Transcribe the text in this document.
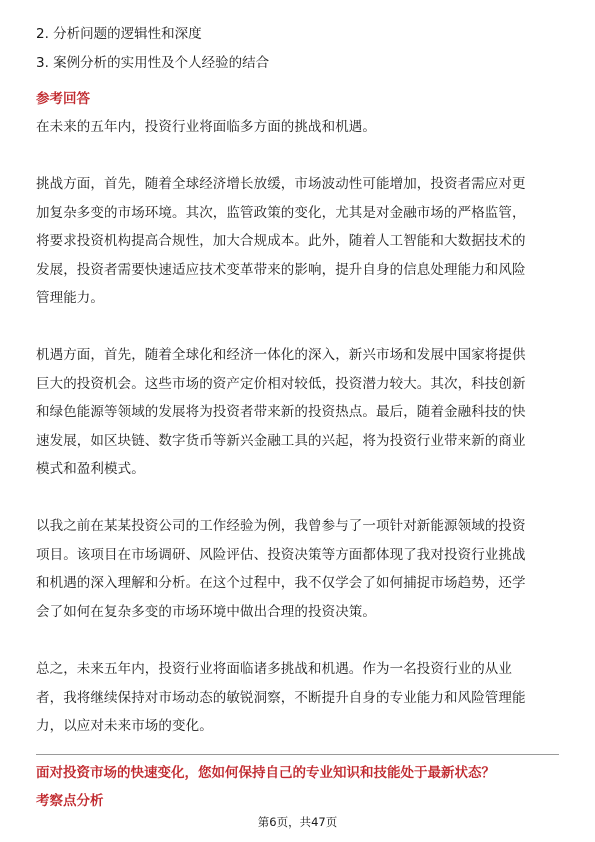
2. 分析问题的逻辑性和深度
3. 案例分析的实用性及个人经验的结合
参考回答
在未来的五年内，投资行业将面临多方面的挑战和机遇。
挑战方面，首先，随着全球经济增长放缓，市场波动性可能增加，投资者需应对更
加复杂多变的市场环境。其次，监管政策的变化，尤其是对金融市场的严格监管，
将要求投资机构提高合规性，加大合规成本。此外，随着人工智能和大数据技术的
发展，投资者需要快速适应技术变革带来的影响，提升自身的信息处理能力和风险
管理能力。
机遇方面，首先，随着全球化和经济一体化的深入，新兴市场和发展中国家将提供
巨大的投资机会。这些市场的资产定价相对较低，投资潜力较大。其次，科技创新
和绿色能源等领域的发展将为投资者带来新的投资热点。最后，随着金融科技的快
速发展，如区块链、数字货币等新兴金融工具的兴起，将为投资行业带来新的商业
模式和盈利模式。
以我之前在某某投资公司的工作经验为例，我曾参与了一项针对新能源领域的投资
项目。该项目在市场调研、风险评估、投资决策等方面都体现了我对投资行业挑战
和机遇的深入理解和分析。在这个过程中，我不仅学会了如何捕捉市场趋势，还学
会了如何在复杂多变的市场环境中做出合理的投资决策。
总之，未来五年内，投资行业将面临诸多挑战和机遇。作为一名投资行业的从业
者，我将继续保持对市场动态的敏锐洞察，不断提升自身的专业能力和风险管理能
力，以应对未来市场的变化。
面对投资市场的快速变化，您如何保持自己的专业知识和技能处于最新状态？
考察点分析
第6页，共47页
